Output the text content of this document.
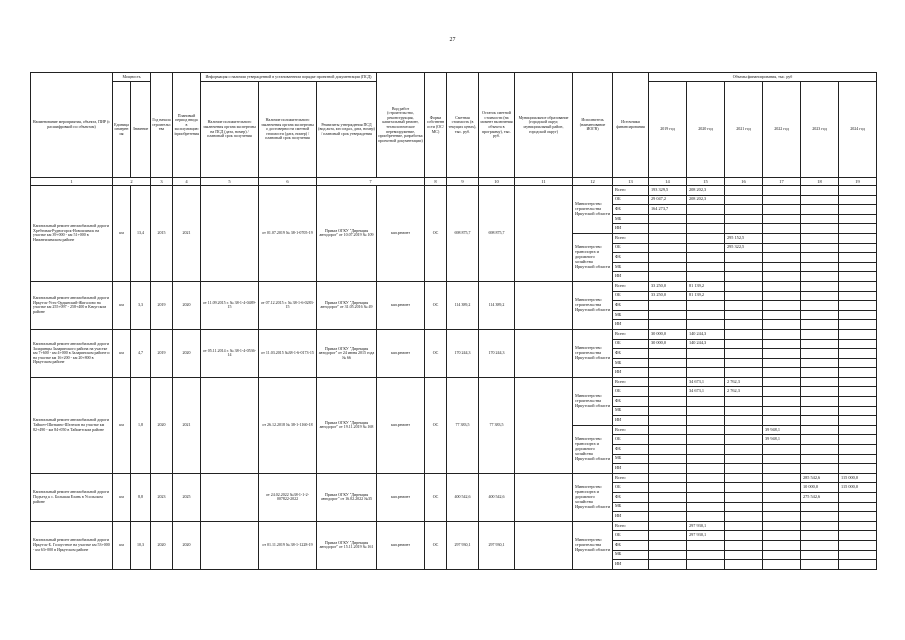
27
Наименование мероприятия, объекта, ПИР (с расшифровкой по объектам)	Мощность		Год начала строительства	Плановый период ввода в эксплуатацию/приобретения	Информация о наличии утвержденной в установленном порядке проектной документации (ПСД)			Вид работ (строительство, реконструкция, капитальный ремонт, технологическое перевооружение, приобретение, разработка проектной документации)	Форма собственности (ОС/МС)	Сметная стоимость (в текущих ценах), тыс. руб.	Остаток сметной стоимости (на момент включения объекта в программу), тыс. руб.	Муниципальное образование (городской округ, муниципальный район, городской округ)	Исполнитель (наименование ИОГВ)	Источники финансирования	Объемы финансирования, тыс. руб					
	Единица измерения	Значение			Наличие положительного заключения органа экспертизы на ПСД (дата, номер) / плановый срок получения	Наличие положительного заключения органа экспертизы о достоверности сметной стоимости (дата, номер) / плановый срок получения	Реквизиты утверждения ПСД (вид акта, кто издал, дата, номер) / плановый срок утверждения								2019 год	2020 год	2021 год	2022 год	2023 год	2024 год
1	2		3	4	5	6	7		8	9	10	11	12	13	14	15	16	17	18	19
Капитальный ремонт автомобильной дороги Хребтовая-Рудногорск-Новоилимск на участке км 39+000 - км 51+000 в Нижнеилимском районе	км	13,4	2015	2021		от 01.07.2019 № 38-1-0705-19	Приказ ОГКУ "Дирекция автодорог" от 10.07.2019 № 109	кап.ремонт	ОС	698 875,7	698 875,7		Министерство строительства Иркутской области	Всего	193 329,5	208 202,3				
														ОБ	29 047,2	208 202,3				
														ФБ	164 273,7					
														МБ						
														ИИ						
													Министерство транспорта и дорожного хозяйства Иркутской области	Всего			295 152,5			
														ОБ			295 322,5			
														ФБ						
														МБ						
														ИИ						
Капитальный ремонт автомобильной дороги Иркутск-Усть-Ордынский-Жигалово на участке км 255+097 - 258+400 в Качугском районе	км	3,3	2019	2020	от 11.09.2015 г. № 38-1-4-0489-15	от 07.12.2015 г. № 38-1-6-0283-15	Приказ ОГКУ "Дирекция автодорог" от 31.05.2016 № 49	кап.ремонт	ОС	114 389,2	114 389,2		Министерство строительства Иркутской области	Всего	33 250,0	81 139,2				
														ОБ	33 250,0	81 139,2				
														ФБ						
														МБ						
														ИИ						
Капитальный ремонт автомобильной дороги Заларинцы Заларинского района на участке км 7+600 - км 4+000 в Заларинском районе и на участке км 16+200 - км 20+800 в Иркутском районе	км	4,7	2019	2020	от 05.11.2014 г. № 38-1-4-0536-14	от 11.03.2015 №38-1-6-0173-15	Приказ ОГКУ "Дирекция автодорог" от 24 июня 2015 года № 66	кап.ремонт	ОС	170 244,3	170 244,3		Министерство строительства Иркутской области	Всего	30 000,0	140 244,3				
														ОБ	30 000,0	140 244,3				
														ФБ						
														МБ						
														ИИ						
Капитальный ремонт автомобильной дороги Тайшет-Шиткино-Шелехов на участке км 82+490 - км 84+050 в Тайшетском районе	км	1,8	2020	2021		от 26.12.2018 № 38-1-1160-18	Приказ ОГКУ "Дирекция автодорог" от 19.11.2019 № 168	кап.ремонт	ОС	77 383,5	77 383,5		Министерство строительства Иркутской области	Всего		34 673,1	2 762,3			
														ОБ		34 673,1	2 762,3			
														ФБ						
														МБ						
														ИИ						
													Министерство транспорта и дорожного хозяйства Иркутской области	Всего				39 948,1		
														ОБ				39 948,1		
														ФБ						
														МБ						
														ИИ						
Капитальный ремонт автомобильной дороги Подъезд к с. Большая Елань в Усольском районе	км	8,8	2023	2025		от 24.02.2022 №38-1-1-2-007822-2022	Приказ ОГКУ "Дирекция автодорог" от 16.02.2022 №35	кап.ремонт	ОС	400 542,6	400 542,6		Министерство транспорта и дорожного хозяйства Иркутской области	Всего					285 542,6	115 000,0
														ОБ					10 000,0	115 000,0
														ФБ					275 542,6	
														МБ						
														ИИ						
Капитальный ремонт автомобильной дороги Иркутск-Б. Голоустное на участке км 53+000 - км 63+000 в Иркутском районе	км	10,3	2020	2020		от 01.11.2019 № 38-1-1228-19	Приказ ОГКУ "Дирекция автодорог" от 15.11.2019 № 161	кап.ремонт	ОС	297 930,1	297 930,1		Министерство строительства Иркутской области	Всего		297 930,1				
														ОБ		297 930,1				
														ФБ						
														МБ						
														ИИ						
